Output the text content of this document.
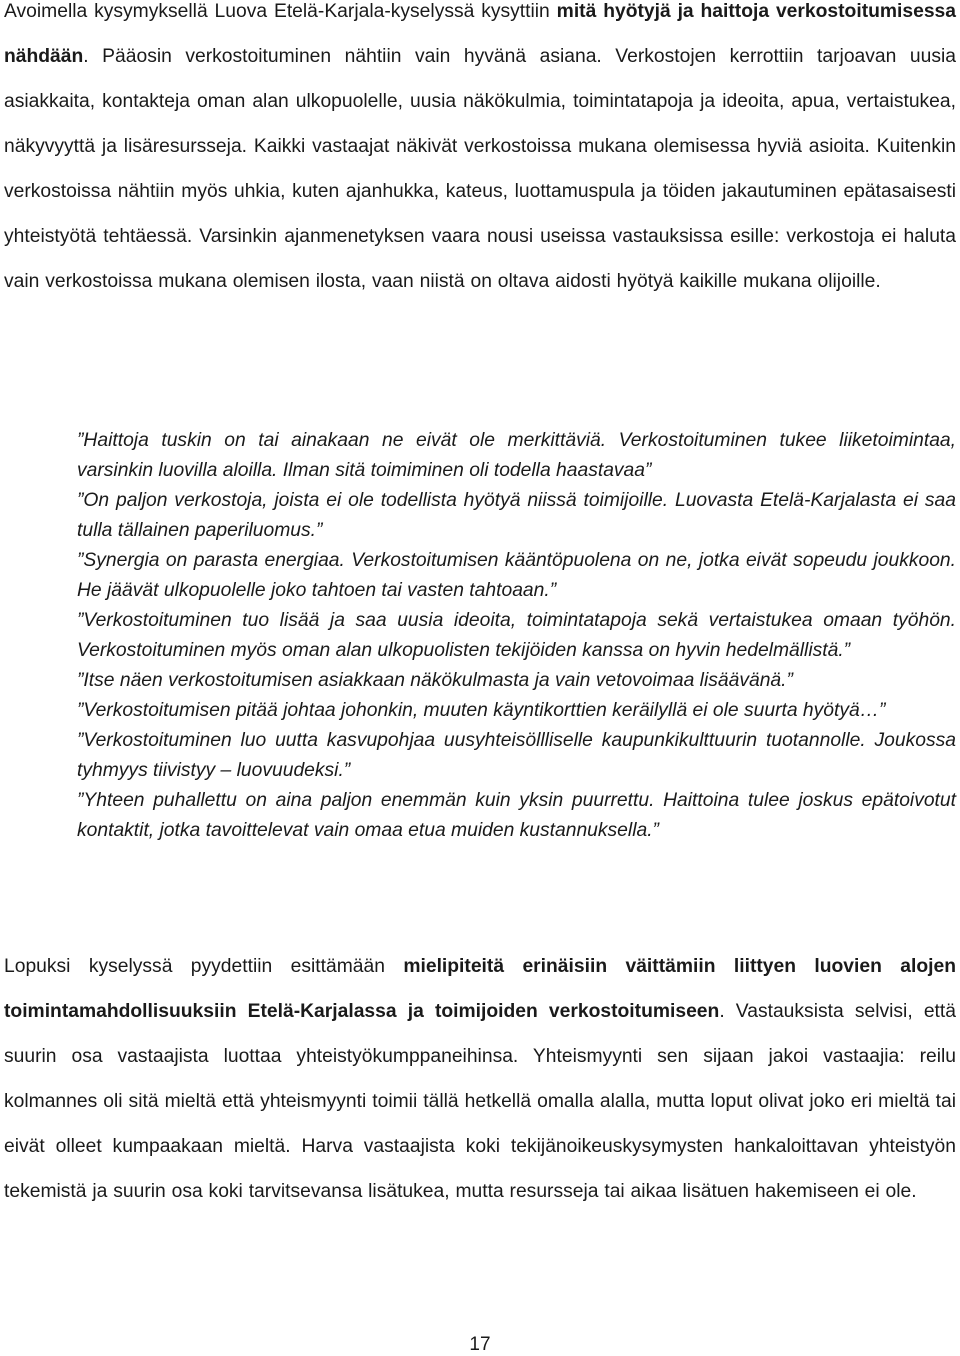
Avoimella kysymyksellä Luova Etelä-Karjala-kyselyssä kysyttiin mitä hyötyjä ja haittoja verkostoitumisessa nähdään. Pääosin verkostoituminen nähtiin vain hyvänä asiana. Verkostojen kerrottiin tarjoavan uusia asiakkaita, kontakteja oman alan ulkopuolelle, uusia näkökulmia, toimintatapoja ja ideoita, apua, vertaistukea, näkyvyyttä ja lisäresursseja. Kaikki vastaajat näkivät verkostoissa mukana olemisessa hyviä asioita. Kuitenkin verkostoissa nähtiin myös uhkia, kuten ajanhukka, kateus, luottamuspula ja töiden jakautuminen epätasaisesti yhteistyötä tehtäessä. Varsinkin ajanmenetyksen vaara nousi useissa vastauksissa esille: verkostoja ei haluta vain verkostoissa mukana olemisen ilosta, vaan niistä on oltava aidosti hyötyä kaikille mukana olijoille.

”Haittoja tuskin on tai ainakaan ne eivät ole merkittäviä. Verkostoituminen tukee liiketoimintaa, varsinkin luovilla aloilla. Ilman sitä toimiminen oli todella haastavaa”
”On paljon verkostoja, joista ei ole todellista hyötyä niissä toimijoille. Luovasta Etelä-Karjalasta ei saa tulla tällainen paperiluomus.”
”Synergia on parasta energiaa. Verkostoitumisen kääntöpuolena on ne, jotka eivät sopeudu joukkoon. He jäävät ulkopuolelle joko tahtoen tai vasten tahtoaan.”
”Verkostoituminen tuo lisää ja saa uusia ideoita, toimintatapoja sekä vertaistukea omaan työhön. Verkostoituminen myös oman alan ulkopuolisten tekijöiden kanssa on hyvin hedelmällistä.”
”Itse näen verkostoitumisen asiakkaan näkökulmasta ja vain vetovoimaa lisäävänä.”
”Verkostoitumisen pitää johtaa johonkin, muuten käyntikorttien keräilyllä ei ole suurta hyötyä…”
”Verkostoituminen luo uutta kasvupohjaa uusyhteisöllliselle kaupunkikulttuurin tuotannolle. Joukossa tyhmyys tiivistyy – luovuudeksi.”
”Yhteen puhallettu on aina paljon enemmän kuin yksin puurrettu. Haittoina tulee joskus epätoivotut kontaktit, jotka tavoittelevat vain omaa etua muiden kustannuksella.”

Lopuksi kyselyssä pyydettiin esittämään mielipiteitä erinäisiin väittämiin liittyen luovien alojen toimintamahdollisuuksiin Etelä-Karjalassa ja toimijoiden verkostoitumiseen. Vastauksista selvisi, että suurin osa vastaajista luottaa yhteistyökumppaneihinsa. Yhteismyynti sen sijaan jakoi vastaajia: reilu kolmannes oli sitä mieltä että yhteismyynti toimii tällä hetkellä omalla alalla, mutta loput olivat joko eri mieltä tai eivät olleet kumpaakaan mieltä. Harva vastaajista koki tekijänoikeuskysymysten hankaloittavan yhteistyön tekemistä ja suurin osa koki tarvitsevansa lisätukea, mutta resursseja tai aikaa lisätuen hakemiseen ei ole.

17
